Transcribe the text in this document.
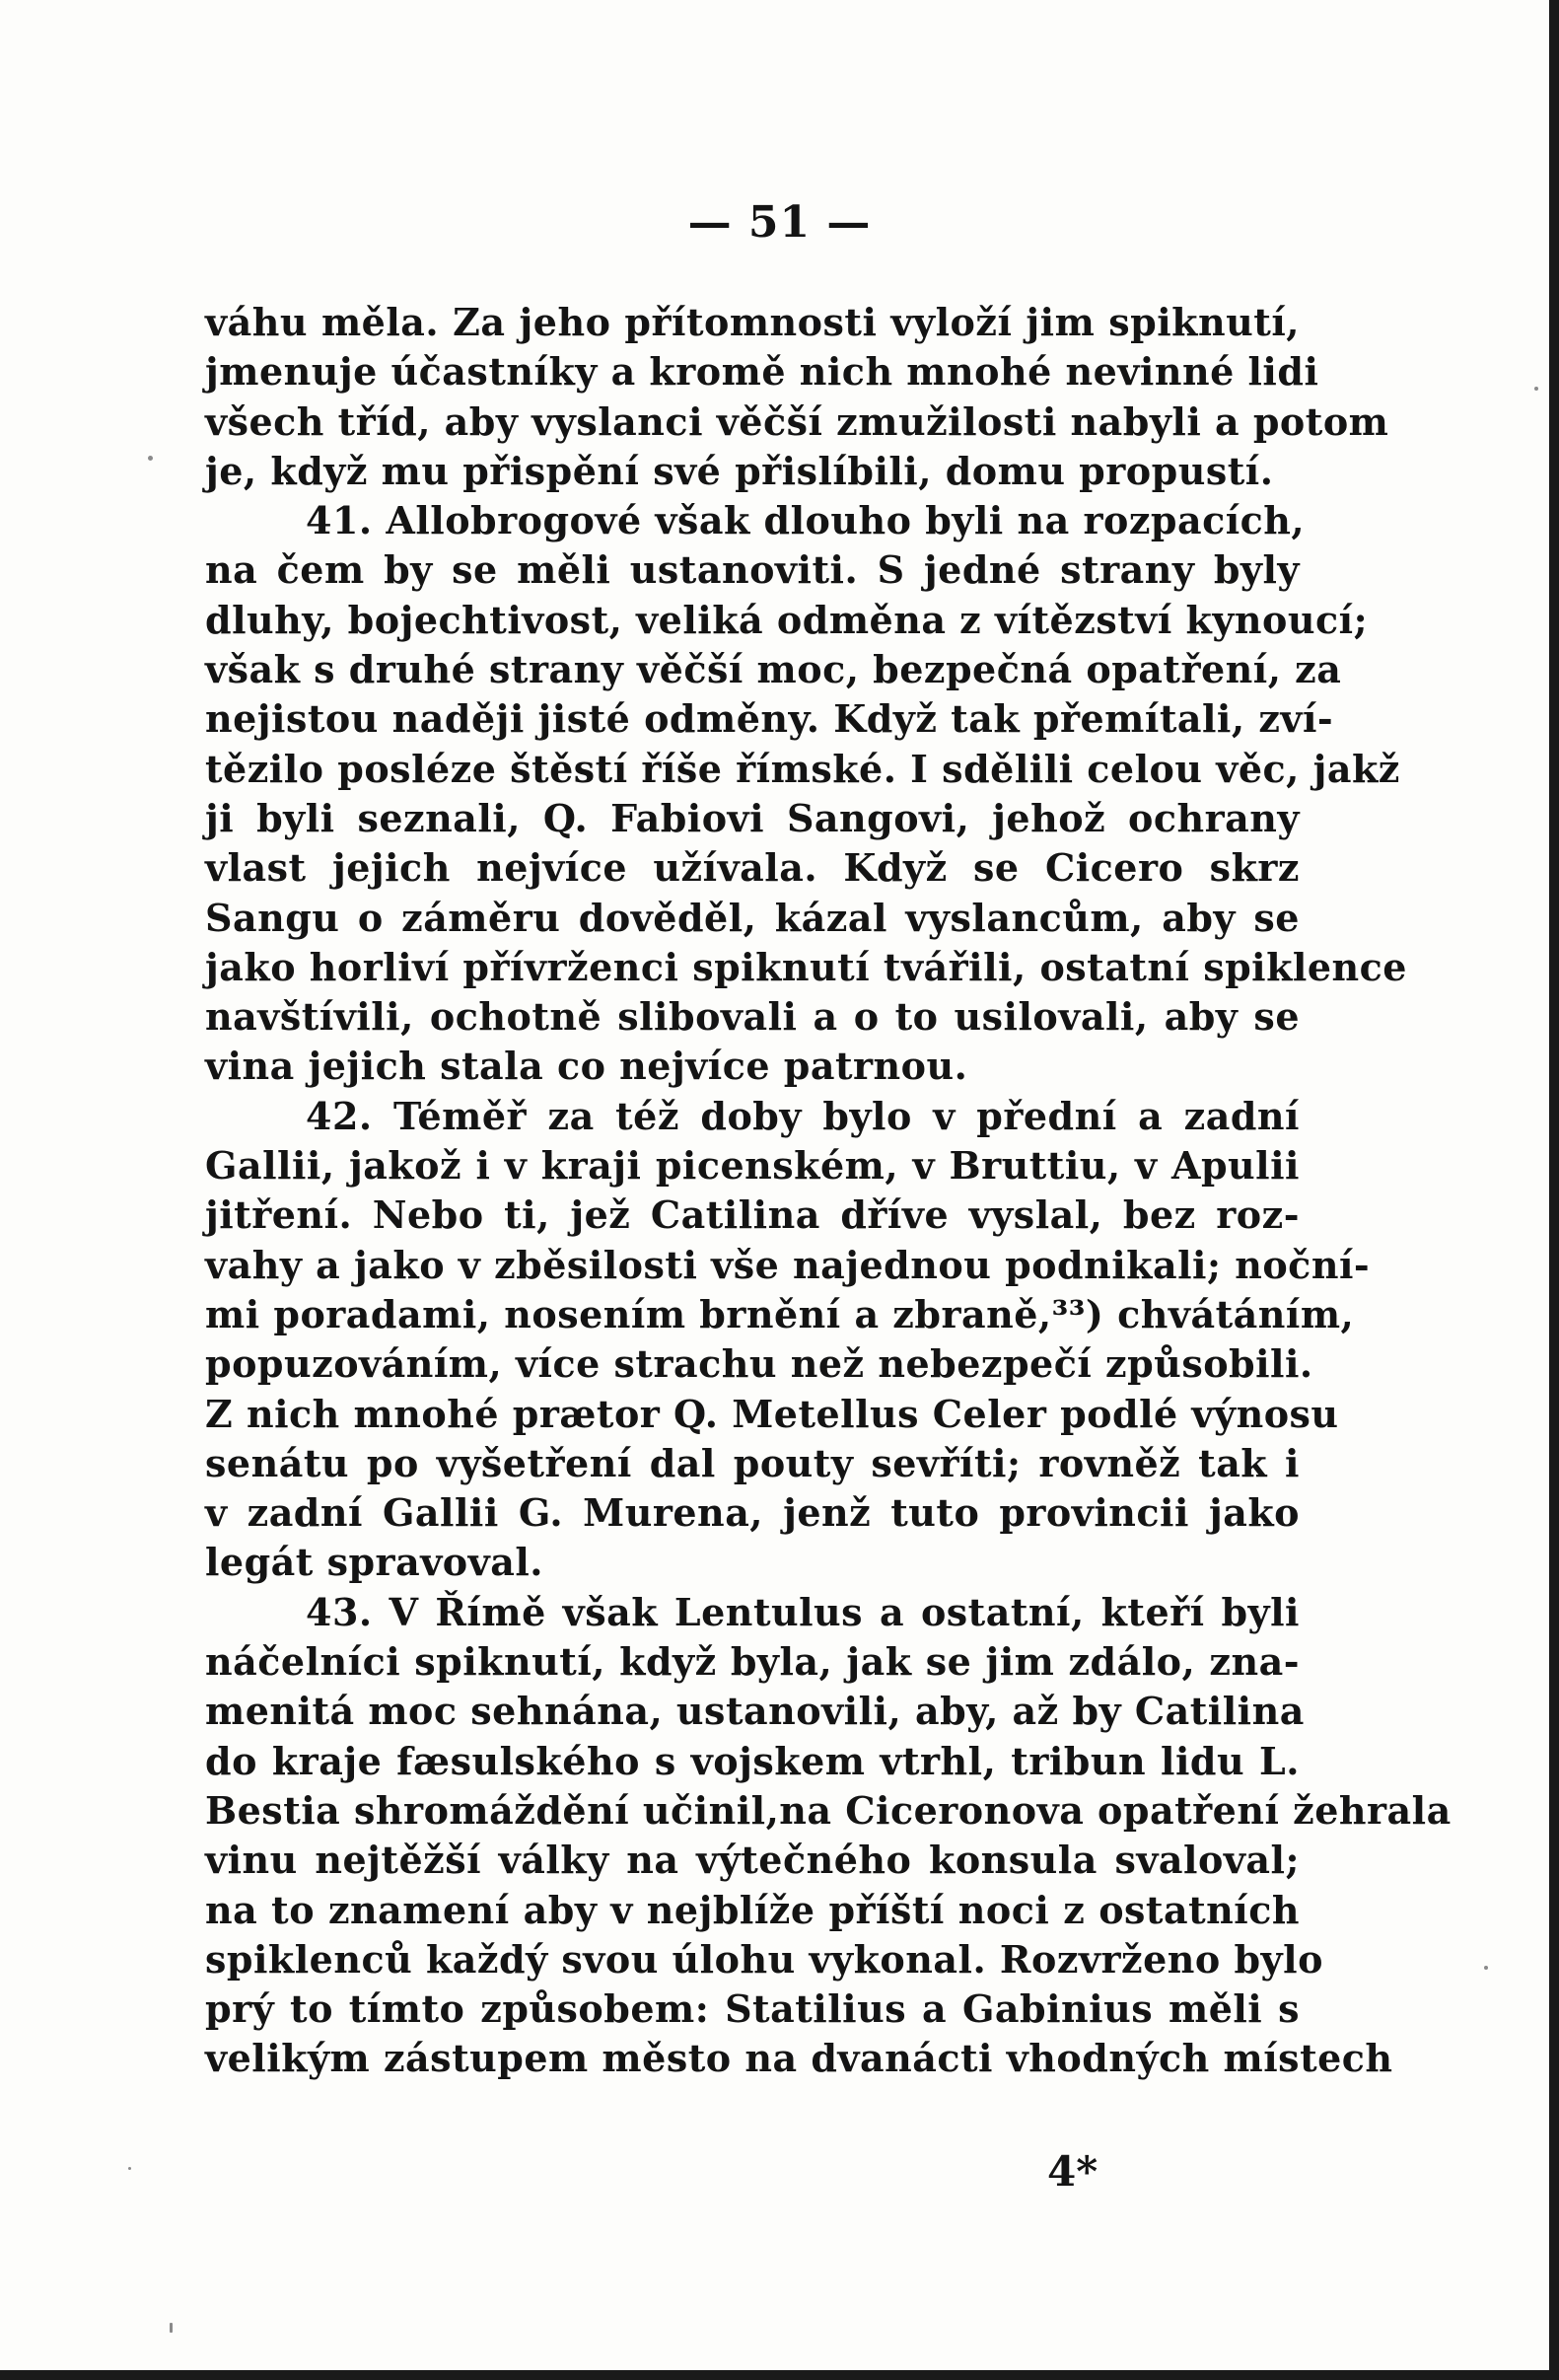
— 51 —

váhu měla. Za jeho přítomnosti vyloží jim spiknutí,
jmenuje účastníky a kromě nich mnohé nevinné lidi
všech tříd, aby vyslanci věčší zmužilosti nabyli a potom
je, když mu přispění své přislíbili, domu propustí.
41. Allobrogové však dlouho byli na rozpacích,
na čem by se měli ustanoviti. S jedné strany byly
dluhy, bojechtivost, veliká odměna z vítězství kynoucí;
však s druhé strany věčší moc, bezpečná opatření, za
nejistou naději jisté odměny. Když tak přemítali, zví-
tězilo posléze štěstí říše římské. I sdělili celou věc, jakž
ji byli seznali, Q. Fabiovi Sangovi, jehož ochrany
vlast jejich nejvíce užívala. Když se Cicero skrz
Sangu o záměru dověděl, kázal vyslancům, aby se
jako horliví přívrženci spiknutí tvářili, ostatní spiklence
navštívili, ochotně slibovali a o to usilovali, aby se
vina jejich stala co nejvíce patrnou.
42. Téměř za též doby bylo v přední a zadní
Gallii, jakož i v kraji picenském, v Bruttiu, v Apulii
jitření. Nebo ti, jež Catilina dříve vyslal, bez roz-
vahy a jako v zběsilosti vše najednou podnikali; noční-
mi poradami, nosením brnění a zbraně,³³) chvátáním,
popuzováním, více strachu než nebezpečí způsobili.
Z nich mnohé prætor Q. Metellus Celer podlé výnosu
senátu po vyšetření dal pouty sevříti; rovněž tak i
v zadní Gallii G. Murena, jenž tuto provincii jako
legát spravoval.
43. V Římě však Lentulus a ostatní, kteří byli
náčelníci spiknutí, když byla, jak se jim zdálo, zna-
menitá moc sehnána, ustanovili, aby, až by Catilina
do kraje fæsulského s vojskem vtrhl, tribun lidu L.
Bestia shromáždění učinil,na Ciceronova opatření žehrala
vinu nejtěžší války na výtečného konsula svaloval;
na to znamení aby v nejblíže příští noci z ostatních
spiklenců každý svou úlohu vykonal. Rozvrženo bylo
prý to tímto způsobem: Statilius a Gabinius měli s
velikým zástupem město na dvanácti vhodných místech
4*
